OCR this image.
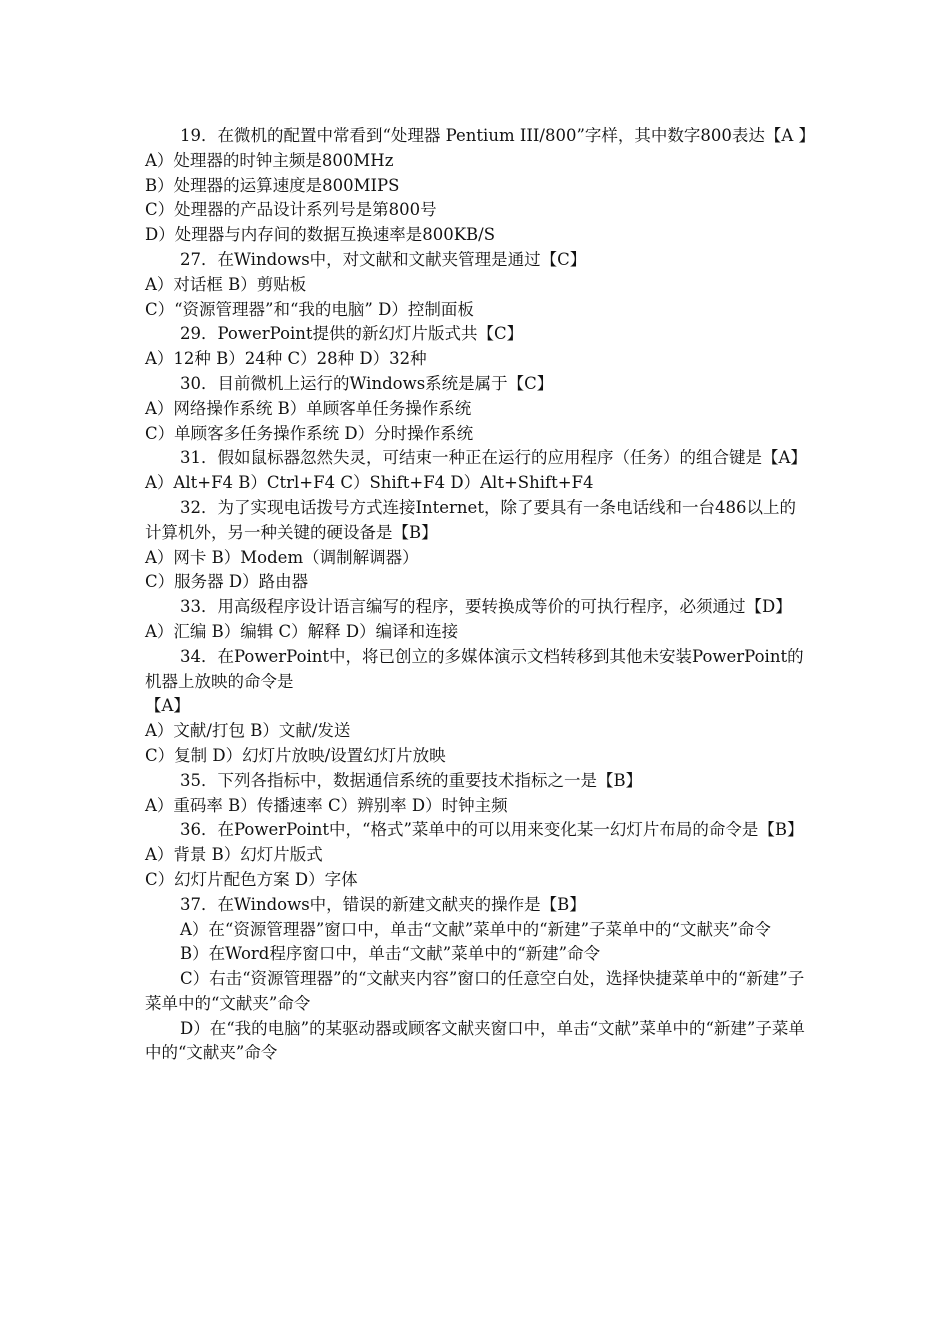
19．在微机的配置中常看到“处理器 Pentium III/800”字样，其中数字800表达【A 】

A）处理器的时钟主频是800MHz

B）处理器的运算速度是800MIPS

C）处理器的产品设计系列号是第800号

D）处理器与内存间的数据互换速率是800KB/S

27．在Windows中，对文献和文献夹管理是通过【C】

A）对话框 B）剪贴板

C）“资源管理器”和“我的电脑” D）控制面板

29．PowerPoint提供的新幻灯片版式共【C】

A）12种 B）24种 C）28种 D）32种

30．目前微机上运行的Windows系统是属于【C】

A）网络操作系统 B）单顾客单任务操作系统

C）单顾客多任务操作系统 D）分时操作系统

31．假如鼠标器忽然失灵，可结束一种正在运行的应用程序（任务）的组合键是【A】

A）Alt+F4 B）Ctrl+F4 C）Shift+F4 D）Alt+Shift+F4

32．为了实现电话拨号方式连接Internet，除了要具有一条电话线和一台486以上的计算机外，另一种关键的硬设备是【B】

A）网卡 B）Modem（调制解调器）

C）服务器 D）路由器

33．用高级程序设计语言编写的程序，要转换成等价的可执行程序，必须通过【D】

A）汇编 B）编辑 C）解释 D）编译和连接

34．在PowerPoint中，将已创立的多媒体演示文档转移到其他未安装PowerPoint的机器上放映的命令是

【A】

A）文献/打包 B）文献/发送

C）复制 D）幻灯片放映/设置幻灯片放映

35．下列各指标中，数据通信系统的重要技术指标之一是【B】

A）重码率 B）传播速率 C）辨别率 D）时钟主频

36．在PowerPoint中，“格式”菜单中的可以用来变化某一幻灯片布局的命令是【B】

A）背景 B）幻灯片版式

C）幻灯片配色方案 D）字体

37．在Windows中，错误的新建文献夹的操作是【B】

A）在“资源管理器”窗口中，单击“文献”菜单中的“新建”子菜单中的“文献夹”命令

B）在Word程序窗口中，单击“文献”菜单中的“新建”命令

C）右击“资源管理器”的“文献夹内容”窗口的任意空白处，选择快捷菜单中的“新建”子菜单中的“文献夹”命令

D）在“我的电脑”的某驱动器或顾客文献夹窗口中，单击“文献”菜单中的“新建”子菜单中的“文献夹”命令
